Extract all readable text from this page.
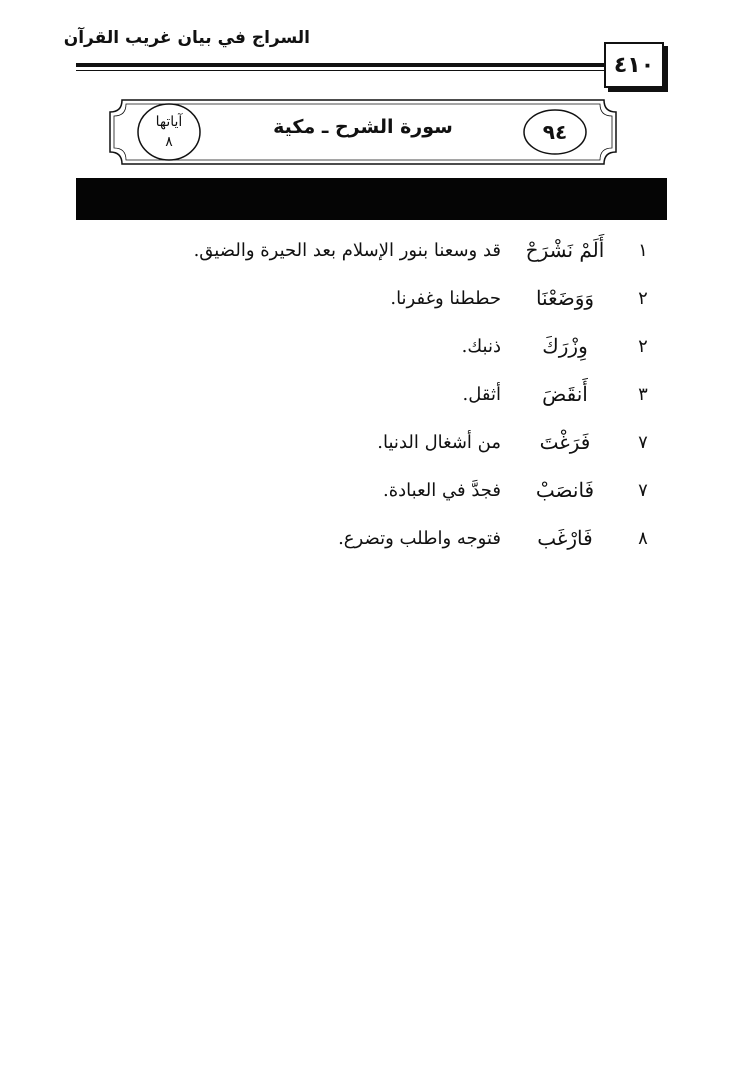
السراج في بيان غريب القرآن
٤١٠
٩٤
سورة الشرح ـ مكية
آياتها
٨
١
أَلَمْ نَشْرَحْ
قد وسعنا بنور الإسلام بعد الحيرة والضيق.
٢
وَوَضَعْنَا
حططنا وغفرنا.
٢
وِزْرَكَ
ذنبك.
٣
أَنقَضَ
أثقل.
٧
فَرَغْتَ
من أشغال الدنيا.
٧
فَانصَبْ
فجدَّ في العبادة.
٨
فَارْغَب
فتوجه واطلب وتضرع.
